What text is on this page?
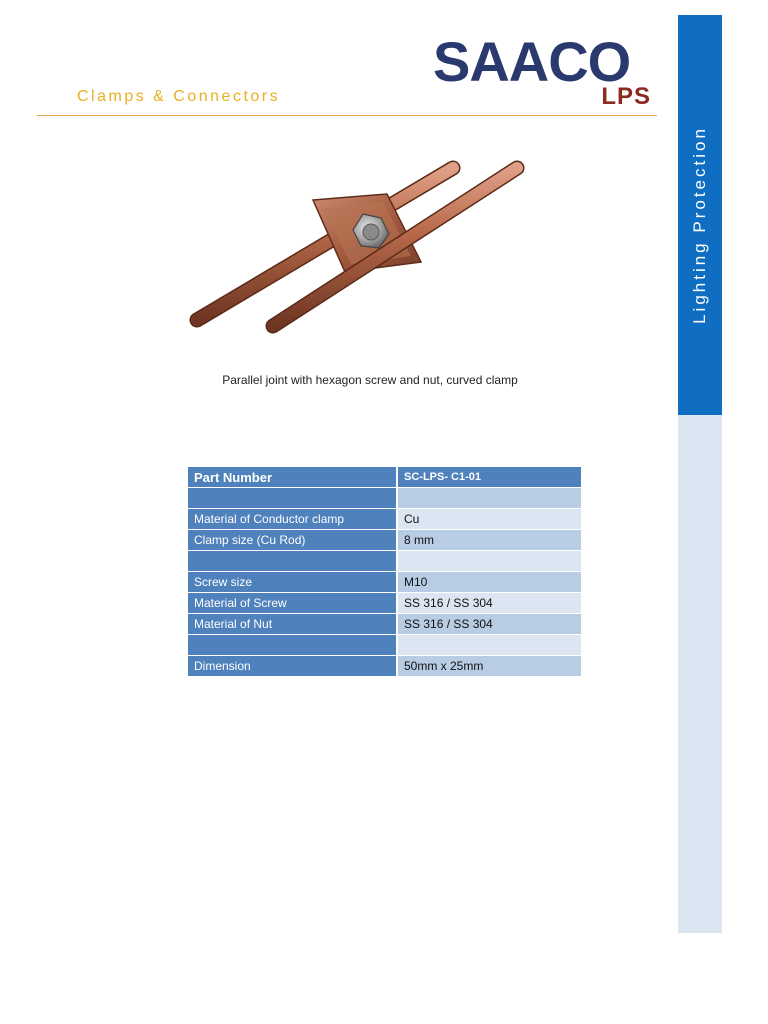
Clamps & Connectors
SAACO
LPS
Lighting Protection
Parallel joint with hexagon screw and nut, curved clamp
Part Number	SC-LPS- C1-01

Material of Conductor clamp	Cu
Clamp size (Cu Rod)	8 mm

Screw size	M10
Material of Screw	SS 316 / SS 304
Material of Nut	SS 316 / SS 304

Dimension	50mm x 25mm
